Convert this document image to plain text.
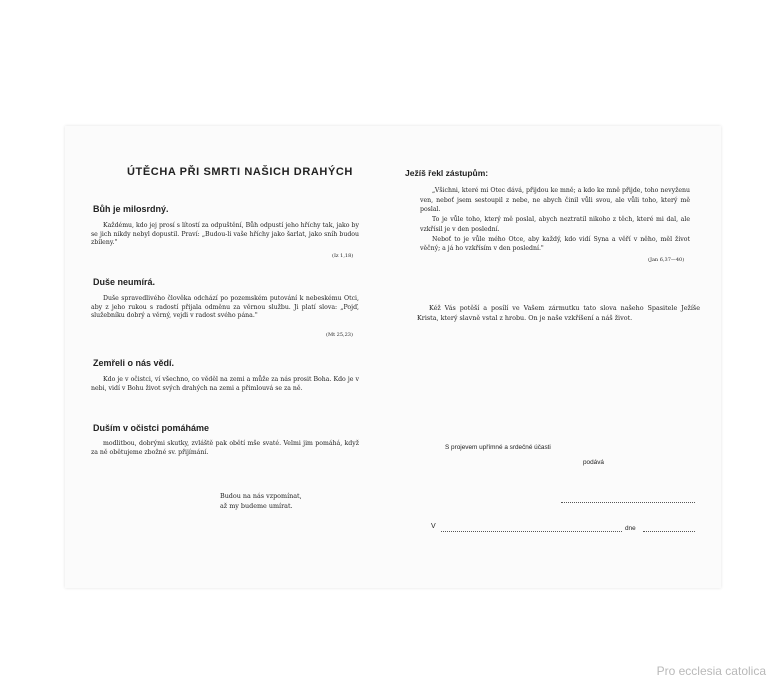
ÚTĚCHA PŘI SMRTI NAŠICH DRAHÝCH
Bůh je milosrdný.
Každému, kdo jej prosí s lítostí za odpuštění, Bůh odpustí jeho hříchy tak, jako by se jich nikdy nebyl dopustil. Praví: „Budou-li vaše hříchy jako šarlat, jako sníh budou zbíleny."
(Iz 1,18)
Duše neumírá.
Duše spravedlivého člověka odchází po pozemském putování k nebeskému Otci, aby z jeho rukou s radostí přijala odměnu za věrnou službu. Ji platí slova: „Pojď, služebníku dobrý a věrný, vejdi v radost svého pána."
(Mt 25,23)
Zemřeli o nás vědí.
Kdo je v očistci, ví všechno, co věděl na zemi a může za nás prosit Boha. Kdo je v nebi, vidí v Bohu život svých drahých na zemi a přimlouvá se za ně.
Duším v očistci pomáháme
modlitbou, dobrými skutky, zvláště pak obětí mše svaté. Velmi jim pomáhá, když za ně obětujeme zbožné sv. přijímání.
Budou na nás vzpomínat,
až my budeme umírat.
Ježíš řekl zástupům:

„Všichni, které mi Otec dává, přijdou ke mně; a kdo ke mně přijde, toho nevyženu ven, neboť jsem sestoupil z nebe, ne abych činil vůli svou, ale vůli toho, který mě poslal.

To je vůle toho, který mě poslal, abych neztratil nikoho z těch, které mi dal, ale vzkřísil je v den poslední.

Neboť to je vůle mého Otce, aby každý, kdo vidí Syna a věří v něho, měl život věčný; a já ho vzkřísím v den poslední."

(Jan 6,37—40)
Kéž Vás potěší a posílí ve Vašem zármutku tato slova našeho Spasitele Ježíše Krista, který slavně vstal z hrobu. On je naše vzkříšení a náš život.
S projevem upřímné a srdečné účasti
podává
V	dne
Pro ecclesia catolica
